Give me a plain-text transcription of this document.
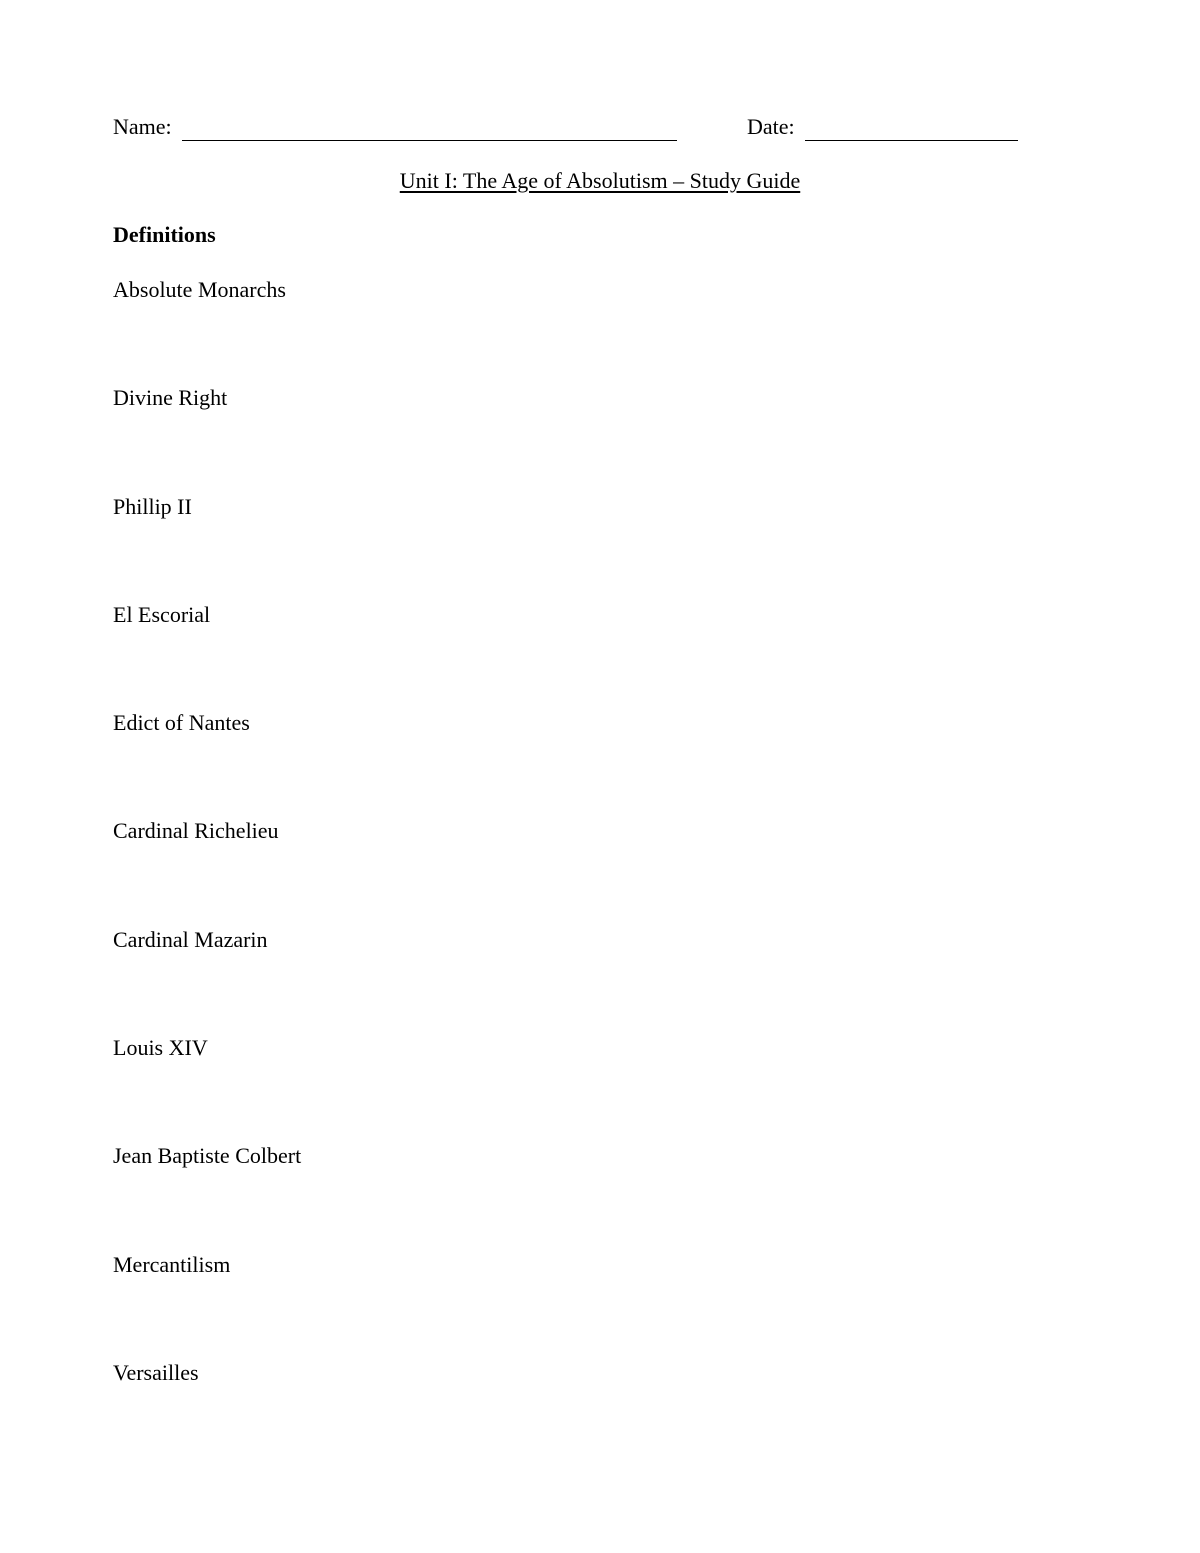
Name:	Date:
Unit I: The Age of Absolutism – Study Guide
Definitions
Absolute Monarchs
Divine Right
Phillip II
El Escorial
Edict of Nantes
Cardinal Richelieu
Cardinal Mazarin
Louis XIV
Jean Baptiste Colbert
Mercantilism
Versailles
